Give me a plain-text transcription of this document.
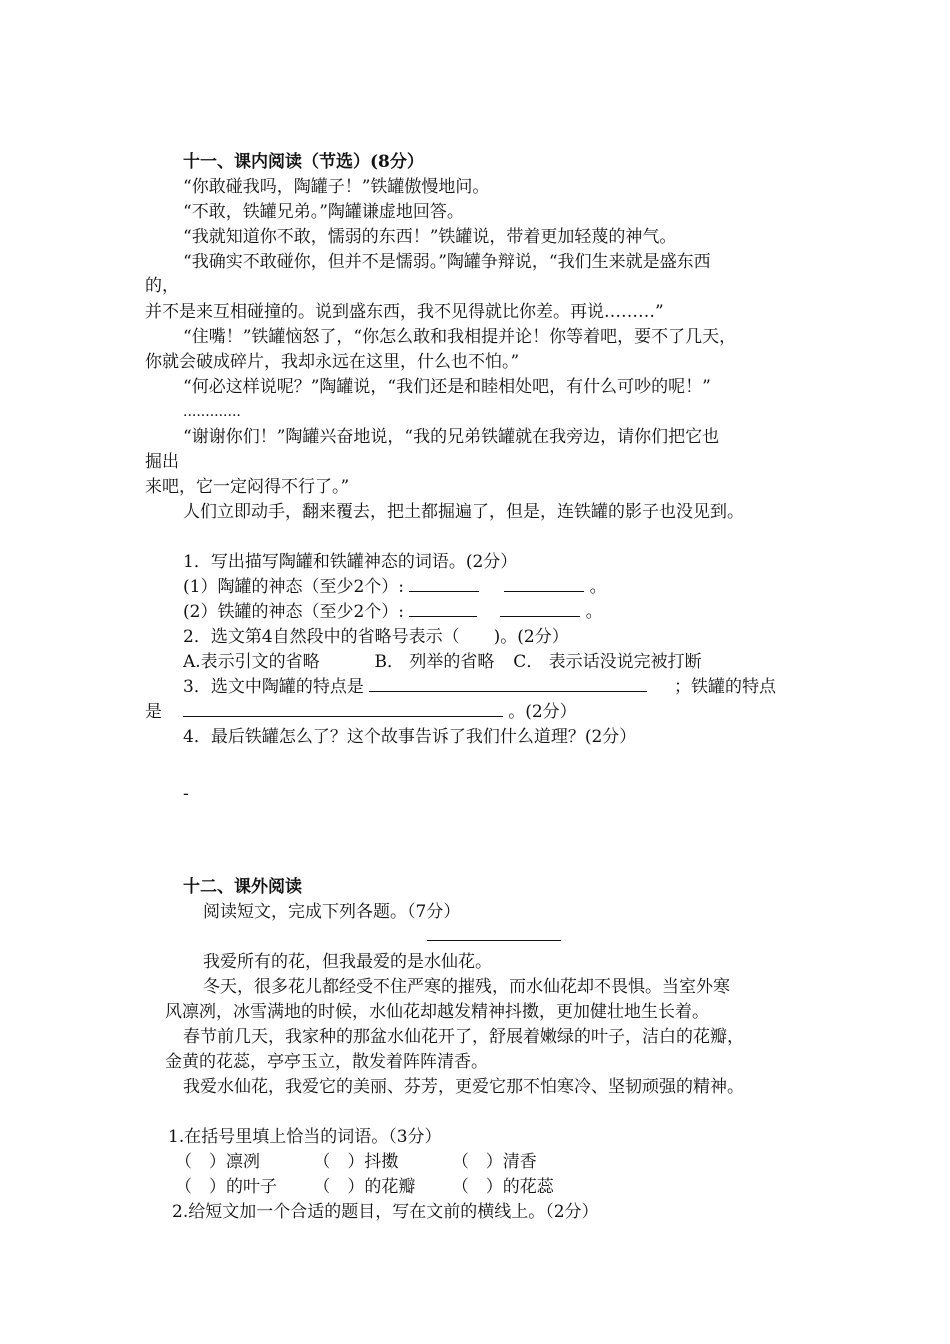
十一、课内阅读（节选）(8分）
“你敢碰我吗，陶罐子！”铁罐傲慢地问。
“不敢，铁罐兄弟。”陶罐谦虚地回答。
“我就知道你不敢，懦弱的东西！”铁罐说，带着更加轻蔑的神气。
“我确实不敢碰你，但并不是懦弱。”陶罐争辩说，“我们生来就是盛东西
的，
并不是来互相碰撞的。说到盛东西，我不见得就比你差。再说………”
“住嘴！”铁罐恼怒了，“你怎么敢和我相提并论！你等着吧，要不了几天，
你就会破成碎片，我却永远在这里，什么也不怕。”
“何必这样说呢？”陶罐说，“我们还是和睦相处吧，有什么可吵的呢！”
.............
“谢谢你们！”陶罐兴奋地说，“我的兄弟铁罐就在我旁边，请你们把它也
掘出
来吧，它一定闷得不行了。”
人们立即动手，翻来覆去，把土都掘遍了，但是，连铁罐的影子也没见到。
1．写出描写陶罐和铁罐神态的词语。(2分）
(1）陶罐的神态（至少2个）:	。
(2）铁罐的神态（至少2个）:	。
2．选文第4自然段中的省略号表示（　　)。(2分）
A.表示引文的省略	B． 列举的省略 C． 表示话没说完被打断
3．选文中陶罐的特点是	；铁罐的特点
是	。(2分）
4．最后铁罐怎么了？这个故事告诉了我们什么道理？(2分）
-
十二、课外阅读
阅读短文，完成下列各题。（7分）
我爱所有的花，但我最爱的是水仙花。
冬天，很多花儿都经受不住严寒的摧残，而水仙花却不畏惧。当室外寒
风凛冽，冰雪满地的时候，水仙花却越发精神抖擞，更加健壮地生长着。
春节前几天，我家种的那盆水仙花开了，舒展着嫩绿的叶子，洁白的花瓣，
金黄的花蕊，亭亭玉立，散发着阵阵清香。
我爱水仙花，我爱它的美丽、芬芳，更爱它那不怕寒冷、坚韧顽强的精神。
1.在括号里填上恰当的词语。（3分）
（　）凛冽	（　）抖擞	（　）清香
（　）的叶子 （　）的花瓣 （　）的花蕊
2.给短文加一个合适的题目，写在文前的横线上。（2分）
